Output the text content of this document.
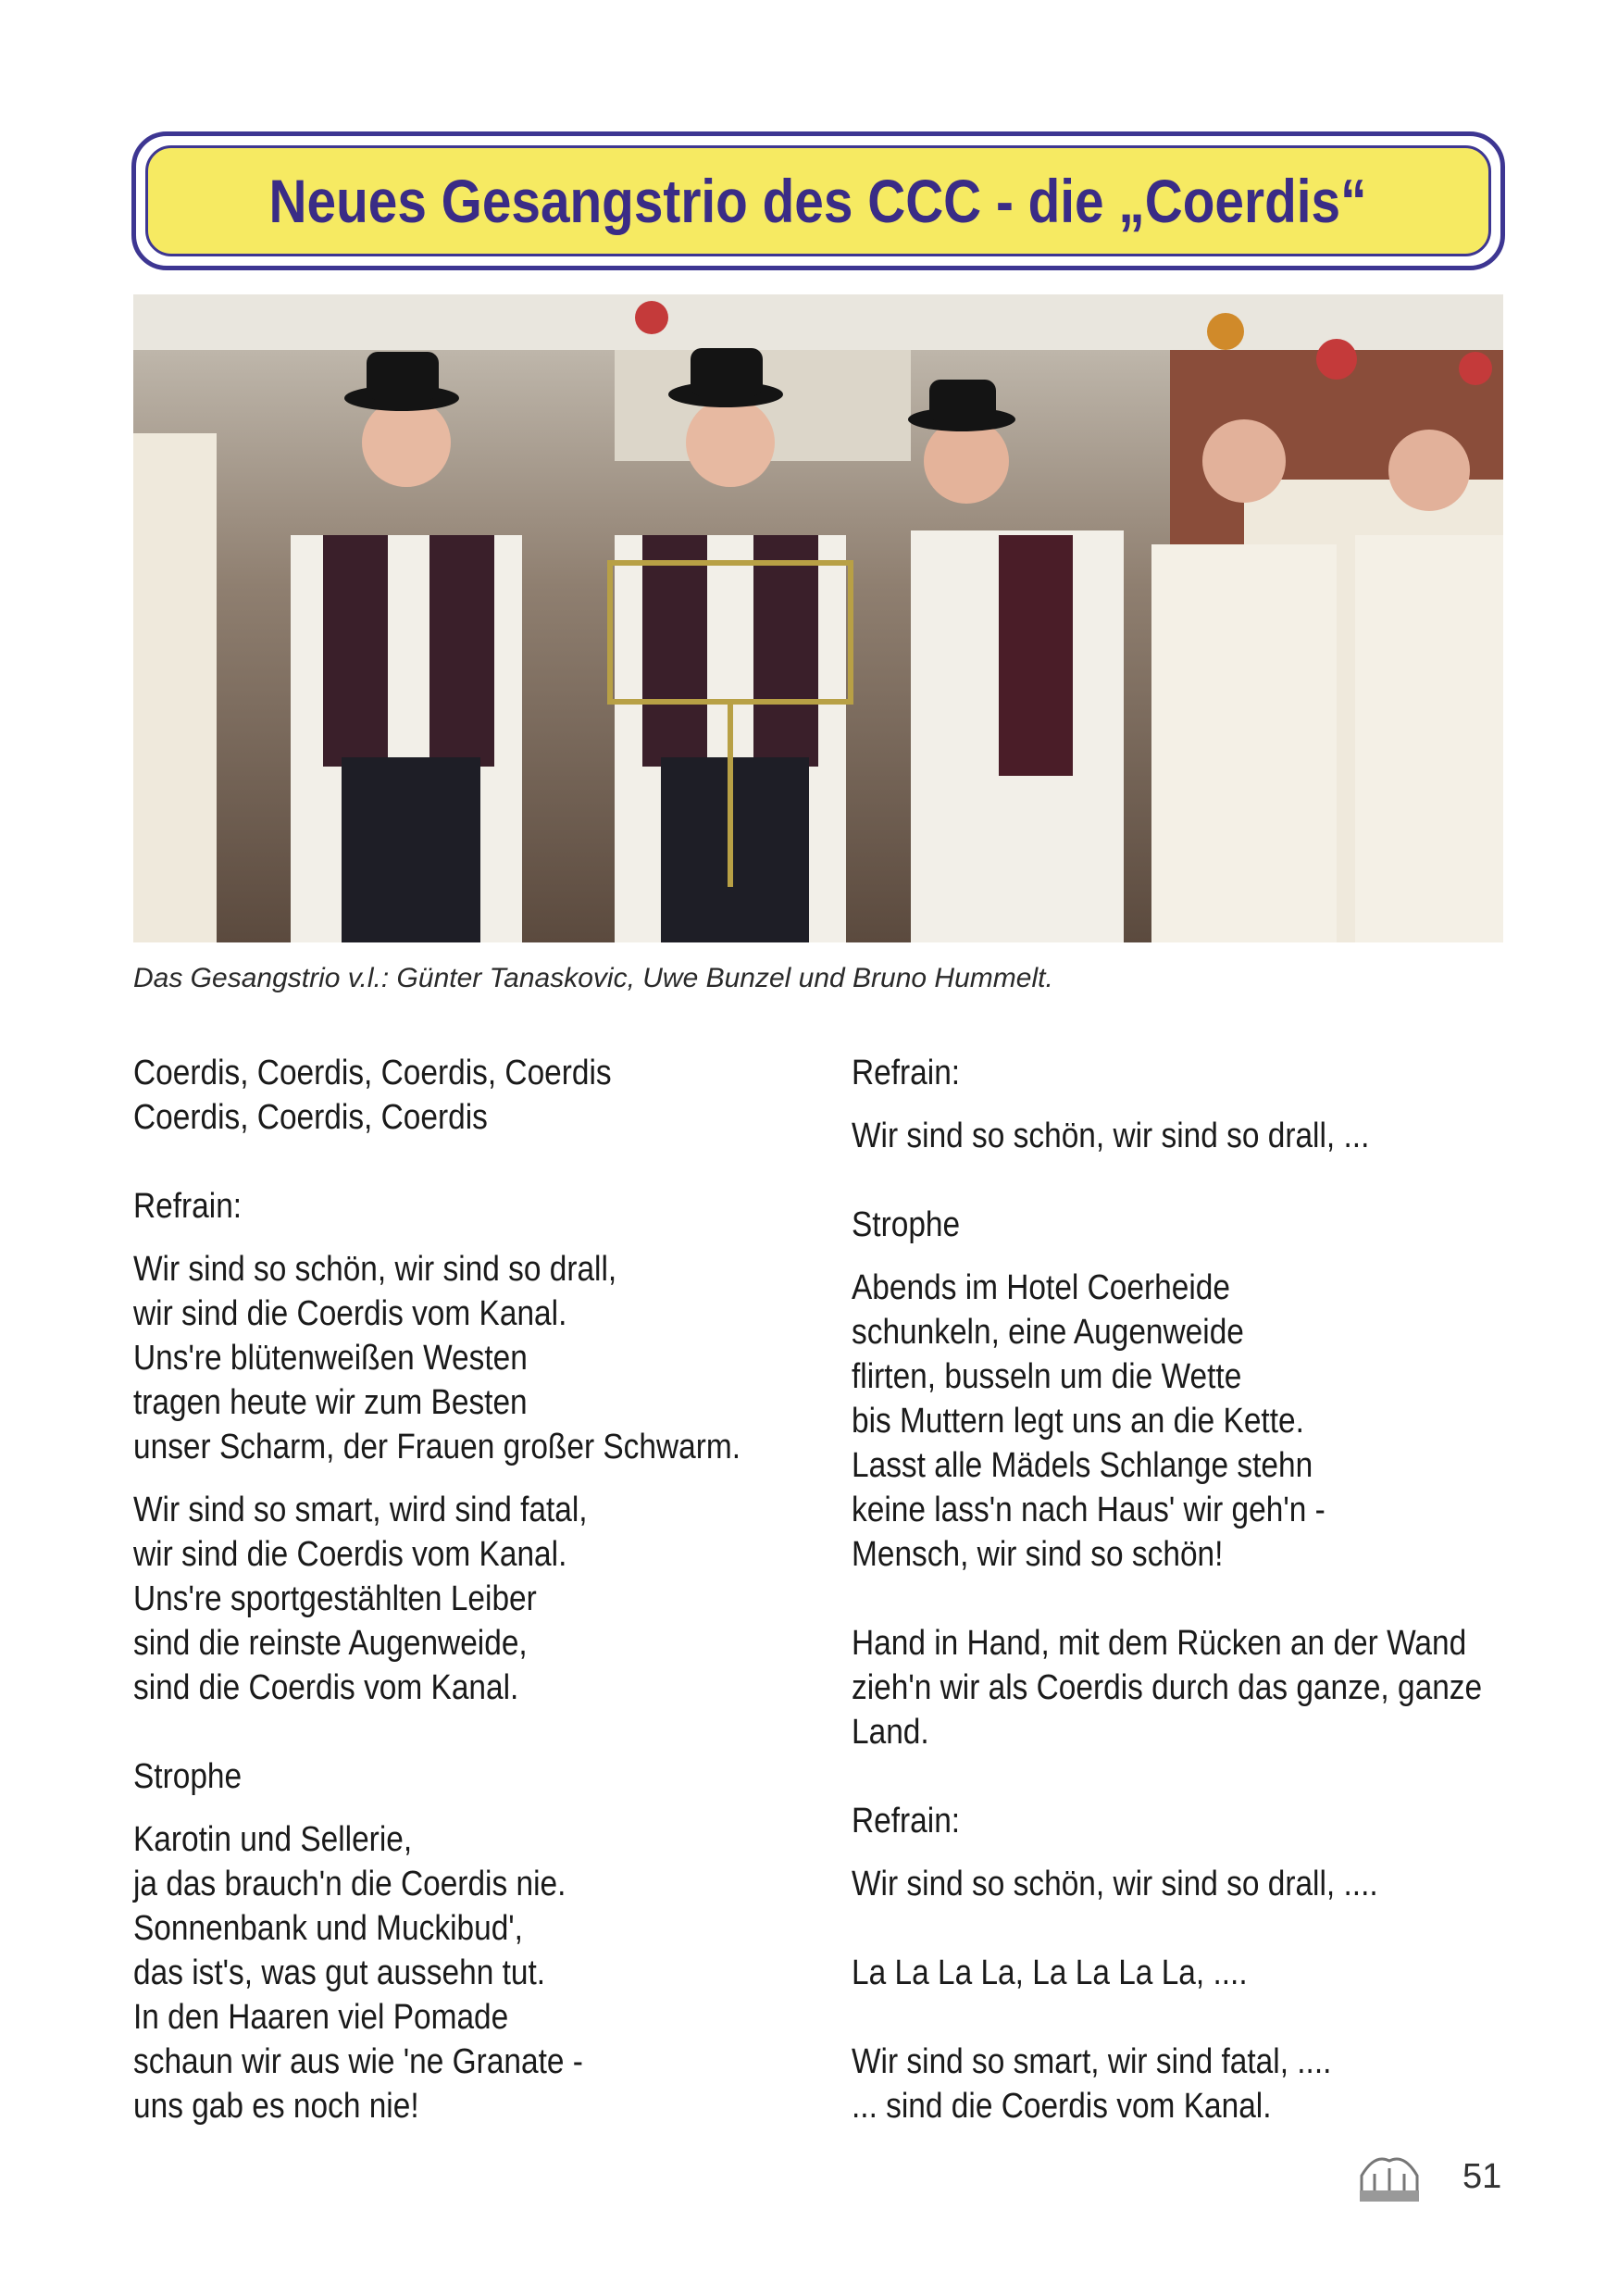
Neues Gesangstrio des CCC - die „Coerdis“
Das Gesangstrio v.l.: Günter Tanaskovic, Uwe Bunzel und Bruno Hummelt.
Coerdis, Coerdis, Coerdis, Coerdis
Coerdis, Coerdis, Coerdis
Refrain:
Wir sind so schön, wir sind so drall,
wir sind die Coerdis vom Kanal.
Uns're blütenweißen Westen
tragen heute wir zum Besten
unser Scharm, der Frauen großer Schwarm.
Wir sind so smart, wird sind fatal,
wir sind die Coerdis vom Kanal.
Uns're sportgestählten Leiber
sind die reinste Augenweide,
sind die Coerdis vom Kanal.
Strophe
Karotin und Sellerie,
ja das brauch'n die Coerdis nie.
Sonnenbank und Muckibud',
das ist's, was gut aussehn tut.
In den Haaren viel Pomade
schaun wir aus wie 'ne Granate -
uns gab es noch nie!
Refrain:
Wir sind so schön, wir sind so drall, ...
Strophe
Abends im Hotel Coerheide
schunkeln, eine Augenweide
flirten, busseln um die Wette
bis Muttern legt uns an die Kette.
Lasst alle Mädels Schlange stehn
keine lass'n nach Haus' wir geh'n -
Mensch, wir sind so schön!
Hand in Hand, mit dem Rücken an der Wand
zieh'n wir als Coerdis durch das ganze, ganze
Land.
Refrain:
Wir sind so schön, wir sind so drall, ....
La La La La, La La La La, ....
Wir sind so smart, wir sind fatal, ....
... sind die Coerdis vom Kanal.
51
